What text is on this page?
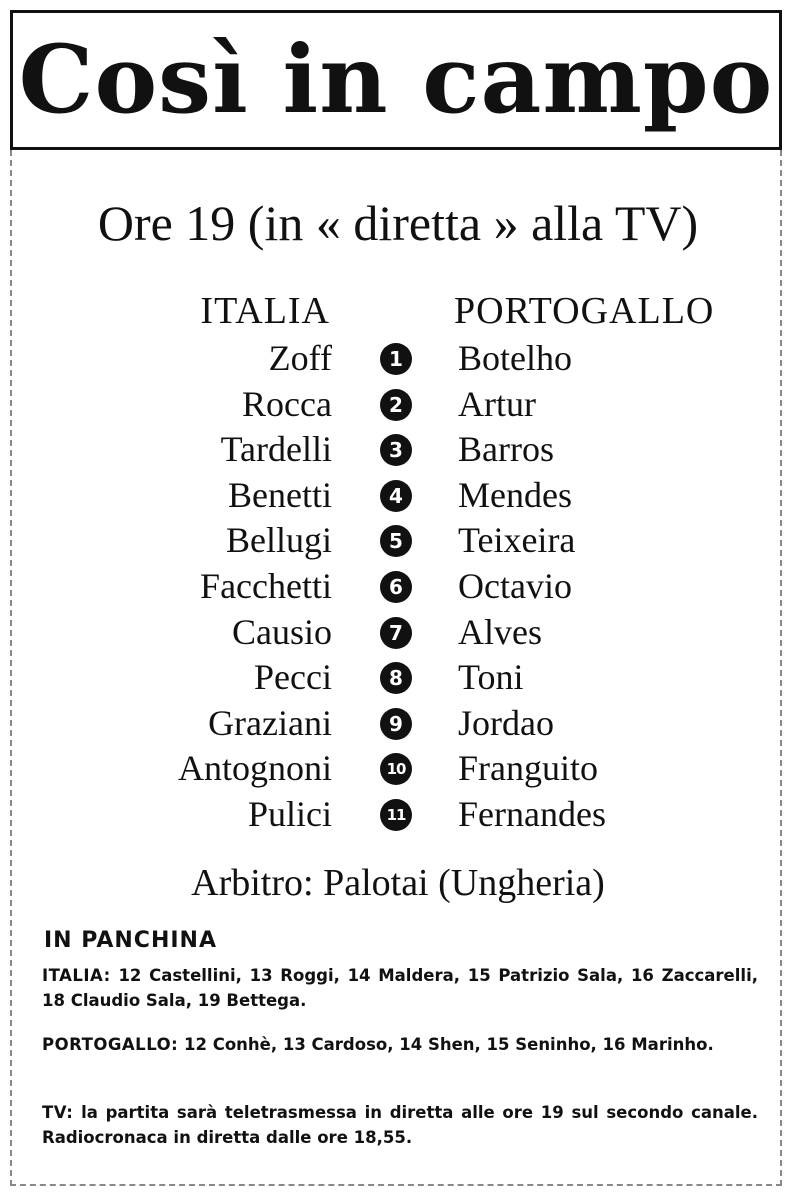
Così in campo
Ore 19 (in « diretta » alla TV)
ITALIA	PORTOGALLO
Zoff	1 Botelho
Rocca	2 Artur
Tardelli	3 Barros
Benetti	4 Mendes
Bellugi	5 Teixeira
Facchetti	6 Octavio
Causio	7 Alves
Pecci	8 Toni
Graziani	9 Jordao
Antognoni	10 Franguito
Pulici	11 Fernandes
Arbitro: Palotai (Ungheria)
IN PANCHINA

ITALIA: 12 Castellini, 13 Roggi, 14 Maldera, 15 Patrizio Sala, 16 Zaccarelli, 18 Claudio Sala, 19 Bettega.

PORTOGALLO: 12 Conhè, 13 Cardoso, 14 Shen, 15 Seninho, 16 Marinho.

TV: la partita sarà teletrasmessa in diretta alle ore 19 sul secondo canale. Radiocronaca in diretta dalle ore 18,55.
